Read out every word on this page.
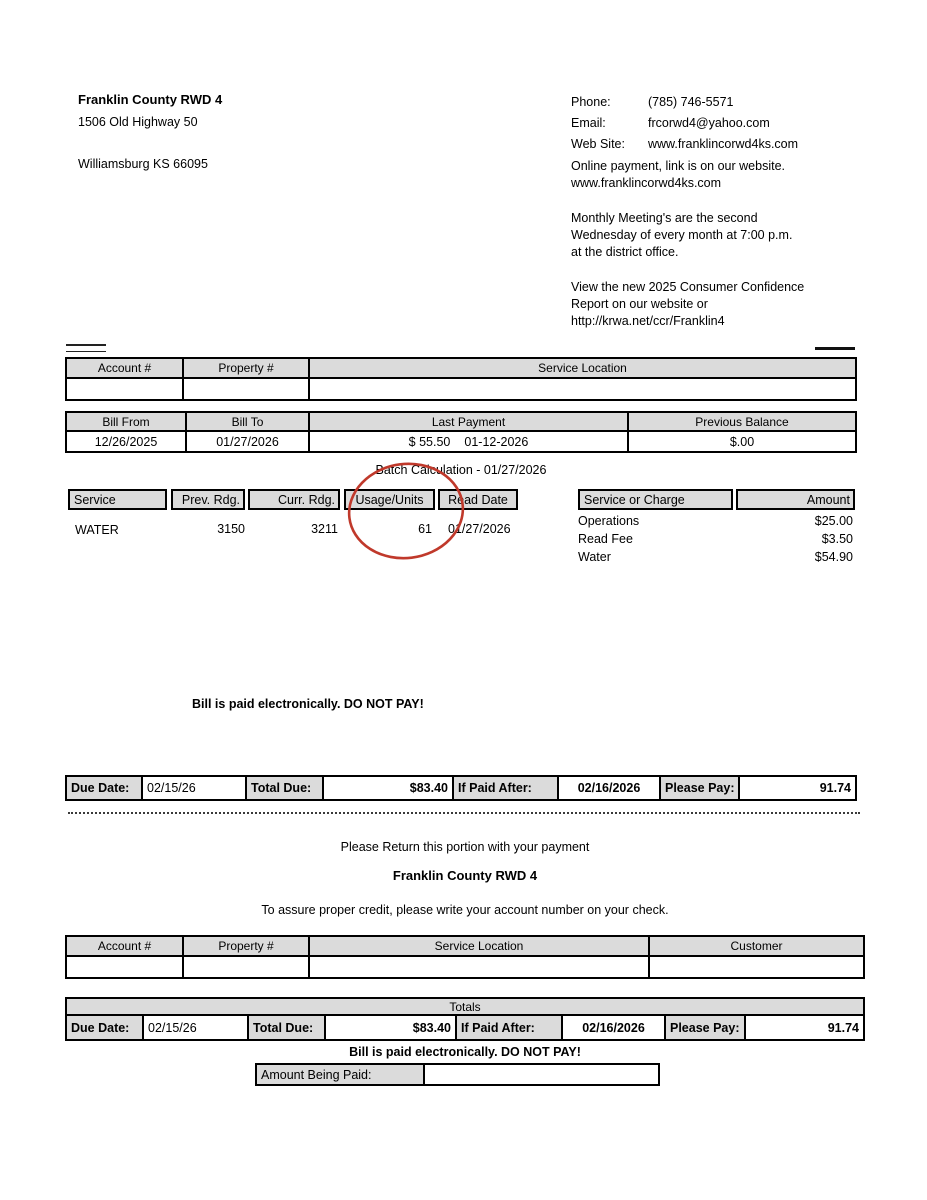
Franklin County RWD 4
1506 Old Highway 50
Williamsburg KS 66095
Phone:	(785) 746-5571
Email:	frcorwd4@yahoo.com
Web Site: www.franklincorwd4ks.com
Online payment, link is on our website.
www.franklincorwd4ks.com
Monthly Meeting's are the second
Wednesday of every month at 7:00 p.m.
at the district office.
View the new 2025 Consumer Confidence
Report on our website or
http://krwa.net/ccr/Franklin4
Account #	Property #	Service Location
Bill From	Bill To	Last Payment	Previous Balance
12/26/2025	01/27/2026	$ 55.50 01-12-2026	$.00
Batch Calculation - 01/27/2026
Service	Prev. Rdg.	Curr. Rdg.	Usage/Units	Read Date
WATER	3150	3211	61 01/27/2026
Service or Charge	Amount
Operations	$25.00
Read Fee	$3.50
Water	$54.90
Bill is paid electronically. DO NOT PAY!
Due Date:	02/15/26	Total Due:	$83.40 If Paid After:	02/16/2026	Please Pay:	91.74
Please Return this portion with your payment
Franklin County RWD 4
To assure proper credit, please write your account number on your check.
Account #	Property #	Service Location	Customer
Totals
Due Date:	02/15/26	Total Due:	$83.40 If Paid After:	02/16/2026	Please Pay:	91.74
Bill is paid electronically. DO NOT PAY!
Amount Being Paid:
